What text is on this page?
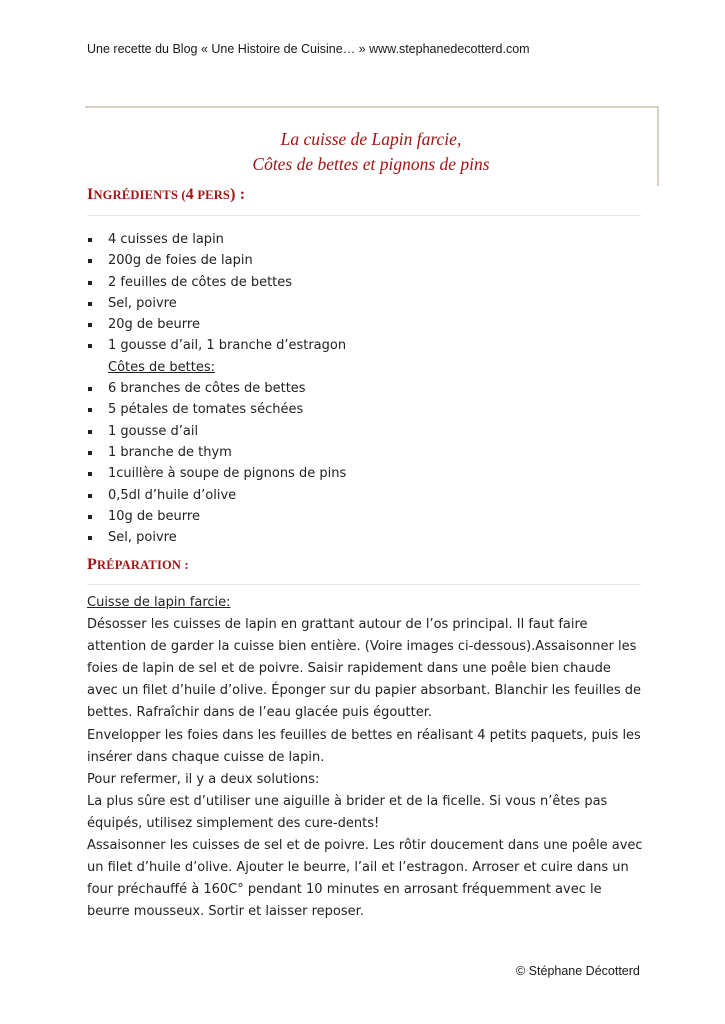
Une recette du Blog « Une Histoire de Cuisine… » www.stephanedecotterd.com
La cuisse de Lapin farcie,
Côtes de bettes et pignons de pins
INGRÉDIENTS (4 PERS) :
4 cuisses de lapin
200g de foies de lapin
2 feuilles de côtes de bettes
Sel, poivre
20g de beurre
1 gousse d’ail, 1 branche d’estragon
Côtes de bettes:
6 branches de côtes de bettes
5 pétales de tomates séchées
1 gousse d’ail
1 branche de thym
1cuillère à soupe de pignons de pins
0,5dl d’huile d’olive
10g de beurre
Sel, poivre
PRÉPARATION :

Cuisse de lapin farcie:

Désosser les cuisses de lapin en grattant autour de l’os principal. Il faut faire attention de garder la cuisse bien entière. (Voire images ci-dessous).Assaisonner les foies de lapin de sel et de poivre. Saisir rapidement dans une poêle bien chaude avec un filet d’huile d’olive. Éponger sur du papier absorbant. Blanchir les feuilles de bettes. Rafraîchir dans de l’eau glacée puis égoutter.

Envelopper les foies dans les feuilles de bettes en réalisant 4 petits paquets, puis les insérer dans chaque cuisse de lapin.

Pour refermer, il y a deux solutions:

La plus sûre est d’utiliser une aiguille à brider et de la ficelle. Si vous n’êtes pas équipés, utilisez simplement des cure-dents!

Assaisonner les cuisses de sel et de poivre. Les rôtir doucement dans une poêle avec un filet d’huile d’olive. Ajouter le beurre, l’ail et l’estragon. Arroser et cuire dans un four préchauffé à 160C° pendant 10 minutes en arrosant fréquemment avec le beurre mousseux. Sortir et laisser reposer.

© Stéphane Décotterd
